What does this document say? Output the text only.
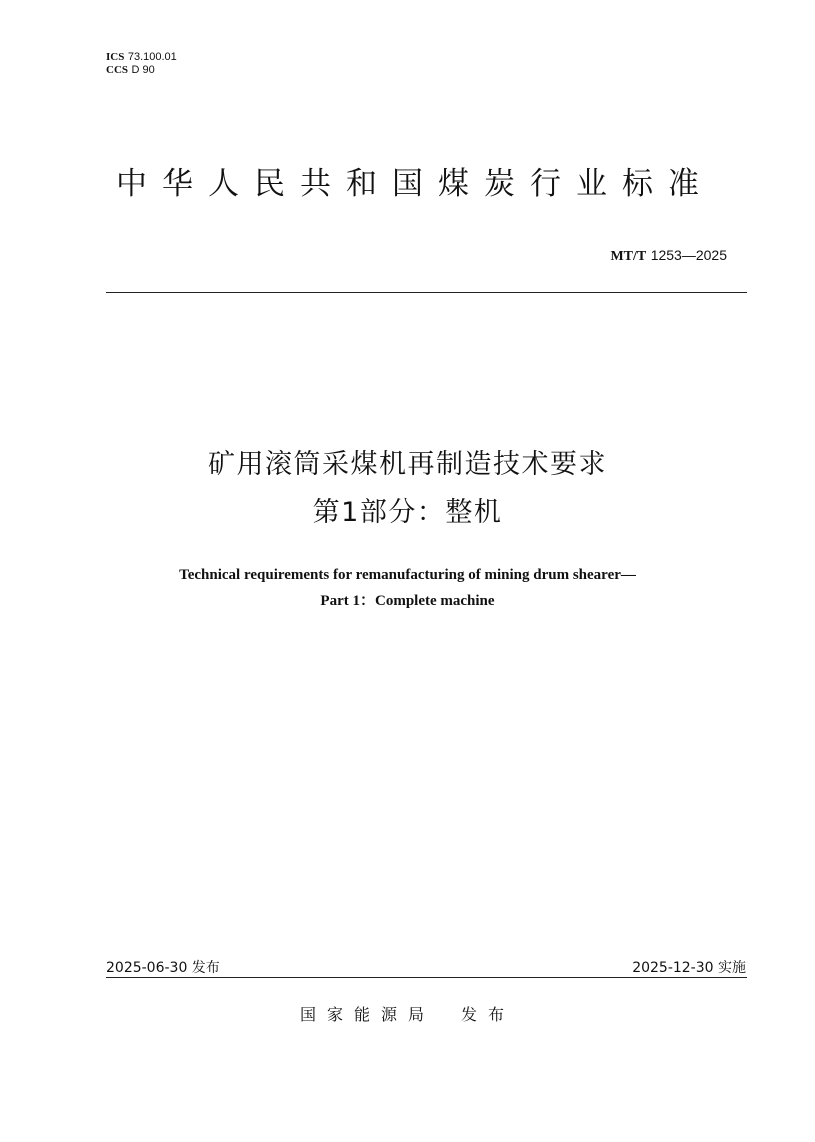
ICS 73.100.01
CCS D 90
中华人民共和国煤炭行业标准
MT/T 1253—2025
矿用滚筒采煤机再制造技术要求
第1部分：整机
Technical requirements for remanufacturing of mining drum shearer—
Part 1：Complete machine
2025-06-30 发布	2025-12-30 实施
国家能源局 发布
